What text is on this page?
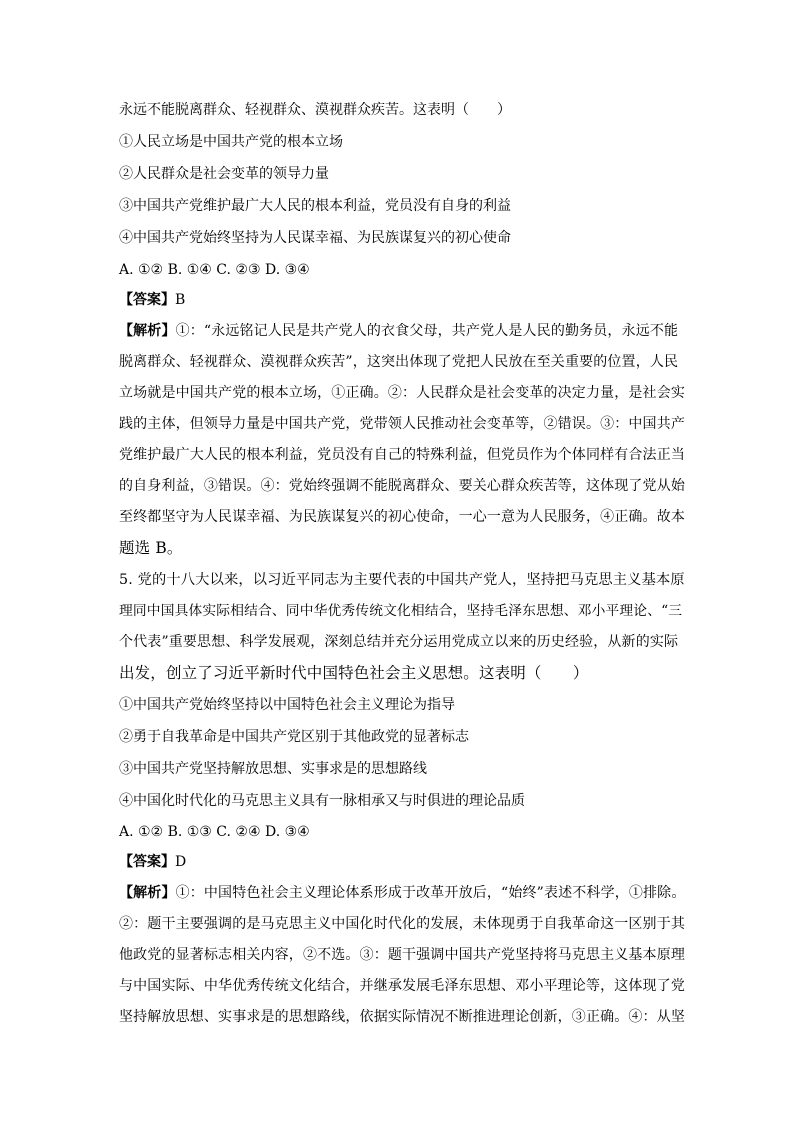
永远不能脱离群众、轻视群众、漠视群众疾苦。这表明（　　）
①人民立场是中国共产党的根本立场
②人民群众是社会变革的领导力量
③中国共产党维护最广大人民的根本利益，党员没有自身的利益
④中国共产党始终坚持为人民谋幸福、为民族谋复兴的初心使命
A. ①② B. ①④ C. ②③ D. ③④
【答案】B
【解析】①：“永远铭记人民是共产党人的衣食父母，共产党人是人民的勤务员，永远不能
脱离群众、轻视群众、漠视群众疾苦”，这突出体现了党把人民放在至关重要的位置，人民
立场就是中国共产党的根本立场，①正确。②：人民群众是社会变革的决定力量，是社会实
践的主体，但领导力量是中国共产党，党带领人民推动社会变革等，②错误。③：中国共产
党维护最广大人民的根本利益，党员没有自己的特殊利益，但党员作为个体同样有合法正当
的自身利益，③错误。④：党始终强调不能脱离群众、要关心群众疾苦等，这体现了党从始
至终都坚守为人民谋幸福、为民族谋复兴的初心使命，一心一意为人民服务，④正确。故本
题选 B。
5. 党的十八大以来，以习近平同志为主要代表的中国共产党人，坚持把马克思主义基本原
理同中国具体实际相结合、同中华优秀传统文化相结合，坚持毛泽东思想、邓小平理论、“三
个代表”重要思想、科学发展观，深刻总结并充分运用党成立以来的历史经验，从新的实际
出发，创立了习近平新时代中国特色社会主义思想。这表明（　　）
①中国共产党始终坚持以中国特色社会主义理论为指导
②勇于自我革命是中国共产党区别于其他政党的显著标志
③中国共产党坚持解放思想、实事求是的思想路线
④中国化时代化的马克思主义具有一脉相承又与时俱进的理论品质
A. ①② B. ①③ C. ②④ D. ③④
【答案】D
【解析】①：中国特色社会主义理论体系形成于改革开放后，“始终”表述不科学，①排除。
②：题干主要强调的是马克思主义中国化时代化的发展，未体现勇于自我革命这一区别于其
他政党的显著标志相关内容，②不选。③：题干强调中国共产党坚持将马克思主义基本原理
与中国实际、中华优秀传统文化结合，并继承发展毛泽东思想、邓小平理论等，这体现了党
坚持解放思想、实事求是的思想路线，依据实际情况不断推进理论创新，③正确。④：从坚
